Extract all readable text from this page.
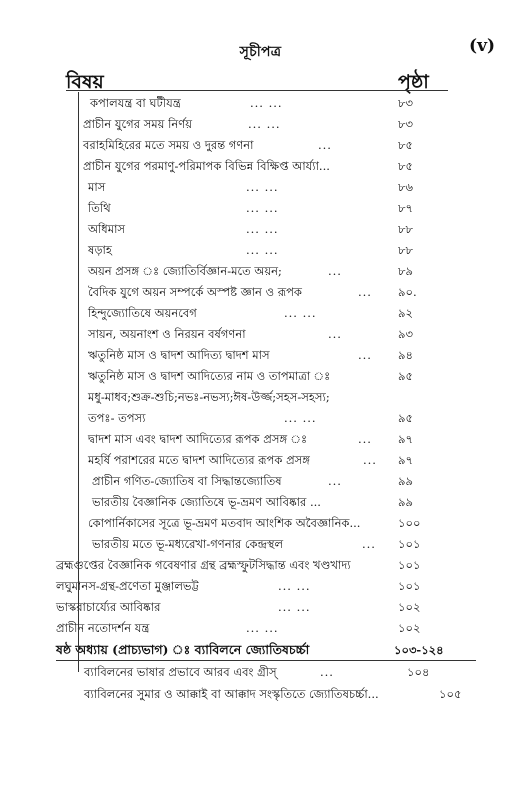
সূচীপত্র	(v)
বিষয়	পৃষ্ঠা
কপালযন্ত্র বা ঘটীযন্ত্র	... ...	৮৩
প্রাচীন যুগের সময় নির্ণয়	... ...	৮৩
বরাহমিহিরের মতে সময় ও দুরন্ত গণনা	...	৮৫
প্রাচীন যুগের পরমাণু-পরিমাপক বিভিন্ন বিক্ষিপ্ত আর্য্যা...	৮৫
মাস	... ...	৮৬
তিথি	... ...	৮৭
অধিমাস	... ...	৮৮
ষড়াহ	... ...	৮৮
অয়ন প্রসঙ্গ ঃ জ্যোতির্বিজ্ঞান-মতে অয়ন;	...	৮৯
বৈদিক যুগে অয়ন সম্পর্কে অস্পষ্ট জ্ঞান ও রূপক	... ৯০.
হিন্দুজ্যোতিষে অয়নবেগ	... ...	৯২
সায়ন, অয়নাংশ ও নিরয়ন বর্ষগণনা	...	৯৩
ঋতুনিষ্ঠ মাস ও দ্বাদশ আদিত্য দ্বাদশ মাস	... ৯৪
ঋতুনিষ্ঠ মাস ও দ্বাদশ আদিত্যের নাম ও তাপমাত্রা ঃ	৯৫
মধু-মাধব;শুক্র-শুচি;নভঃ-নভস্য;ঈষ-উর্জ্জ;সহস-সহস্য;
তপঃ- তপস্য	... ...	৯৫
দ্বাদশ মাস এবং দ্বাদশ আদিত্যের রূপক প্রসঙ্গ ঃ	... ৯৭
মহর্ষি পরাশরের মতে দ্বাদশ আদিত্যের রূপক প্রসঙ্গ	... ৯৭
প্রাচীন গণিত-জ্যোতিষ বা সিদ্ধান্তজ্যোতিষ	...	৯৯
ভারতীয় বৈজ্ঞানিক জ্যোতিষে ভূ-ভ্রমণ আবিষ্কার ...	৯৯
কোপার্নিকাসের সূত্রে ভূ-ভ্রমণ মতবাদ আংশিক অবৈজ্ঞানিক...	১০০
ভারতীয় মতে ভূ-মধ্যরেখা-গণনার কেন্দ্রস্থল	... ১০১
ব্রহ্মগুপ্তের বৈজ্ঞানিক গবেষণার গ্রন্থ ব্রহ্মস্ফুটসিদ্ধান্ত এবং খণ্ডখাদ্য	১০১
লঘুমানস-গ্রন্থ-প্রণেতা মুঞ্জালভট্ট	... ...	১০১
ভাস্করাচার্য্যের আবিষ্কার	... ...	১০২
প্রাচীন নতোদর্শন যন্ত্র	... ...	১০২
ষষ্ঠ অধ্যায় (প্রাচ্যভাগ) ঃ ব্যাবিলনে জ্যোতিষচর্চ্চা	১০৩-১২৪
ব্যাবিলনের ভাষার প্রভাবে আরব এবং গ্রীস্	...	১০৪
ব্যাবিলনের সুমার ও আক্কাই বা আক্কাদ সংস্কৃতিতে জ্যোতিষচর্চ্চা...	১০৫
